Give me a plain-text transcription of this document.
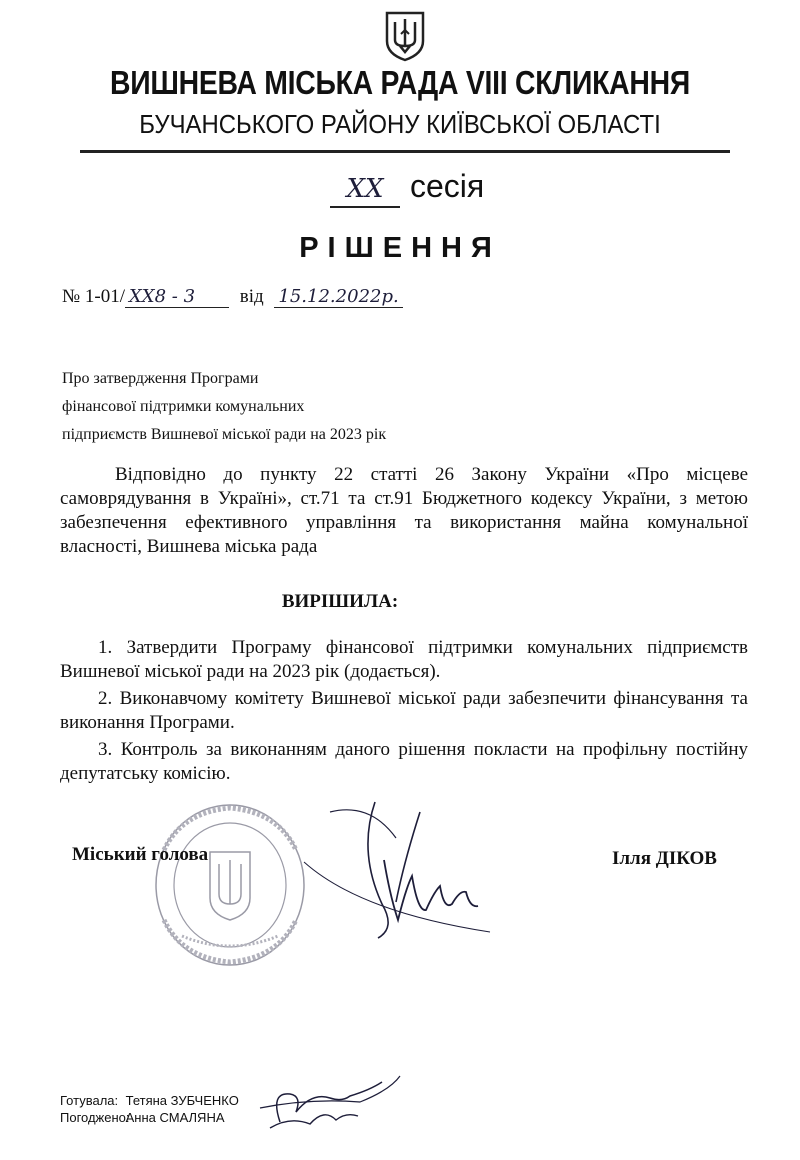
ВИШНЕВА МІСЬКА РАДА VIII СКЛИКАННЯ
БУЧАНСЬКОГО РАЙОНУ КИЇВСЬКОЇ ОБЛАСТІ
XX сесія
РІШЕННЯ
№ 1-01/ XX8 - 3 від 15.12.2022р.
Про затвердження Програми
фінансової підтримки комунальних
підприємств Вишневої міської ради на 2023 рік
Відповідно до пункту 22 статті 26 Закону України «Про місцеве самоврядування в Україні», ст.71 та ст.91 Бюджетного кодексу України, з метою забезпечення ефективного управління та використання майна комунальної власності, Вишнева міська рада
ВИРІШИЛА:
1. Затвердити Програму фінансової підтримки комунальних підприємств Вишневої міської ради на 2023 рік (додається).
2. Виконавчому комітету Вишневої міської ради забезпечити фінансування та виконання Програми.
3. Контроль за виконанням даного рішення покласти на профільну постійну депутатську комісію.
Міський голова	Ілля ДІКОВ
Готувала: Тетяна ЗУБЧЕНКО
Погоджено: Анна СМАЛЯНА
